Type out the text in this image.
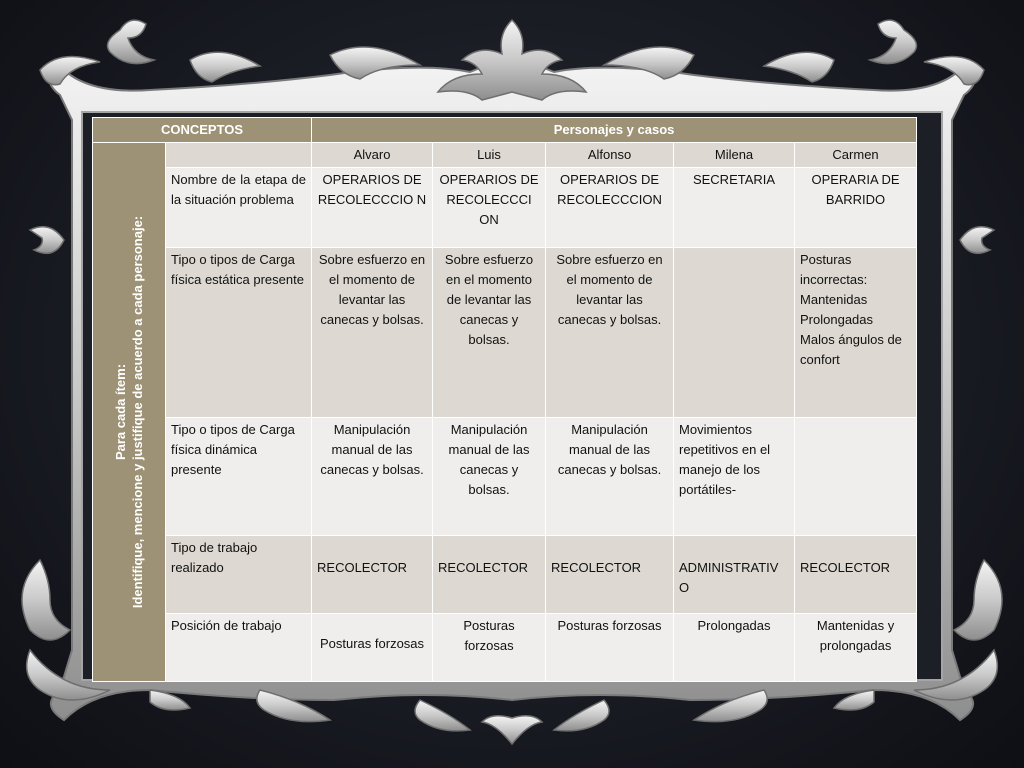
CONCEPTOS		Personajes y casos				

Para cada ítem: Identifique, mencione y justifique de acuerdo a cada personaje:		Alvaro	Luis	Alfonso	Milena	Carmen
	Nombre de la etapa de la situación problema	OPERARIOS DE RECOLECCCIO N	OPERARIOS DE RECOLECCCI ON	OPERARIOS DE RECOLECCCION	SECRETARIA	OPERARIA DE BARRIDO
	Tipo o tipos de Carga física estática presente	Sobre esfuerzo en el momento de levantar las canecas y bolsas.	Sobre esfuerzo en el momento de levantar las canecas y bolsas.	Sobre esfuerzo en el momento de levantar las canecas y bolsas.		Posturas incorrectas: Mantenidas Prolongadas Malos ángulos de confort
	Tipo o tipos de Carga física dinámica presente	Manipulación manual de las canecas y bolsas.	Manipulación manual de las canecas y bolsas.	Manipulación manual de las canecas y bolsas.	Movimientos repetitivos en el manejo de los portátiles-	
	Tipo de trabajo realizado	RECOLECTOR	RECOLECTOR	RECOLECTOR	ADMINISTRATIV O	RECOLECTOR
	Posición de trabajo	Posturas forzosas	Posturas forzosas	Posturas forzosas	Prolongadas	Mantenidas y prolongadas
